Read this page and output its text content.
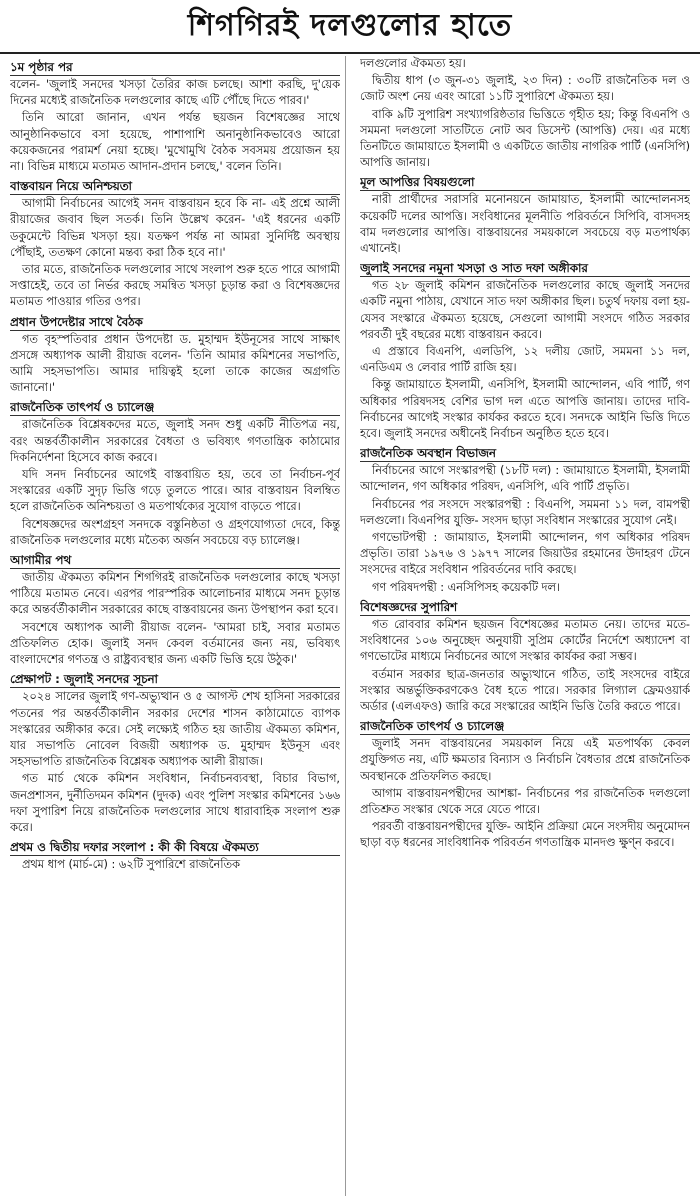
শিগগিরই দলগুলোর হাতে
১ম পৃষ্ঠার পর

বলেন- 'জুলাই সনদের খসড়া তৈরির কাজ চলছে। আশা করছি, দু'য়েক দিনের মধ্যেই রাজনৈতিক দলগুলোর কাছে এটি পৌঁছে দিতে পারব।'

তিনি আরো জানান, এখন পর্যন্ত ছয়জন বিশেষজ্ঞের সাথে আনুষ্ঠানিকভাবে বসা হয়েছে, পাশাপাশি অনানুষ্ঠানিকভাবেও আরো কয়েকজনের পরামর্শ নেয়া হচ্ছে। 'মুখোমুখি বৈঠক সবসময় প্রয়োজন হয় না। বিভিন্ন মাধ্যমে মতামত আদান-প্রদান চলছে,' বলেন তিনি।

বাস্তবায়ন নিয়ে অনিশ্চয়তা

আগামী নির্বাচনের আগেই সনদ বাস্তবায়ন হবে কি না- এই প্রশ্নে আলী রীয়াজের জবাব ছিল সতর্ক। তিনি উল্লেখ করেন- 'এই ধরনের একটি ডকুমেন্টে বিভিন্ন খসড়া হয়। যতক্ষণ পর্যন্ত না আমরা সুনির্দিষ্ট অবস্থায় পৌঁছাই, ততক্ষণ কোনো মন্তব্য করা ঠিক হবে না।'

তার মতে, রাজনৈতিক দলগুলোর সাথে সংলাপ শুরু হতে পারে আগামী সপ্তাহেই, তবে তা নির্ভর করছে সমন্বিত খসড়া চূড়ান্ত করা ও বিশেষজ্ঞদের মতামত পাওয়ার গতির ওপর।

প্রধান উপদেষ্টার সাথে বৈঠক

গত বৃহস্পতিবার প্রধান উপদেষ্টা ড. মুহাম্মদ ইউনূসের সাথে সাক্ষাৎ প্রসঙ্গে অধ্যাপক আলী রীয়াজ বলেন- 'তিনি আমার কমিশনের সভাপতি, আমি সহসভাপতি। আমার দায়িত্বই হলো তাকে কাজের অগ্রগতি জানানো।'

রাজনৈতিক তাৎপর্য ও চ্যালেঞ্জ

রাজনৈতিক বিশ্লেষকদের মতে, জুলাই সনদ শুধু একটি নীতিপত্র নয়, বরং অন্তর্বর্তীকালীন সরকারের বৈধতা ও ভবিষ্যৎ গণতান্ত্রিক কাঠামোর দিকনির্দেশনা হিসেবে কাজ করবে।

যদি সনদ নির্বাচনের আগেই বাস্তবায়িত হয়, তবে তা নির্বাচন-পূর্ব সংস্কারের একটি সুদৃঢ় ভিত্তি গড়ে তুলতে পারে। আর বাস্তবায়ন বিলম্বিত হলে রাজনৈতিক অনিশ্চয়তা ও মতপার্থক্যের সুযোগ বাড়তে পারে।

বিশেষজ্ঞদের অংশগ্রহণ সনদকে বস্তুনিষ্ঠতা ও গ্রহণযোগ্যতা দেবে, কিন্তু রাজনৈতিক দলগুলোর মধ্যে মতৈক্য অর্জন সবচেয়ে বড় চ্যালেঞ্জ।

আগামীর পথ

জাতীয় ঐকমত্য কমিশন শিগগিরই রাজনৈতিক দলগুলোর কাছে খসড়া পাঠিয়ে মতামত নেবে। এরপর পারস্পরিক আলোচনার মাধ্যমে সনদ চূড়ান্ত করে অন্তর্বর্তীকালীন সরকারের কাছে বাস্তবায়নের জন্য উপস্থাপন করা হবে।

সবশেষে অধ্যাপক আলী রীয়াজ বলেন- 'আমরা চাই, সবার মতামত প্রতিফলিত হোক। জুলাই সনদ কেবল বর্তমানের জন্য নয়, ভবিষ্যৎ বাংলাদেশের গণতন্ত্র ও রাষ্ট্রব্যবস্থার জন্য একটি ভিত্তি হয়ে উঠুক।'

প্রেক্ষাপট : জুলাই সনদের সূচনা

২০২৪ সালের জুলাই গণ-অভ্যুত্থান ও ৫ আগস্ট শেখ হাসিনা সরকারের পতনের পর অন্তর্বর্তীকালীন সরকার দেশের শাসন কাঠামোতে ব্যাপক সংস্কারের অঙ্গীকার করে। সেই লক্ষ্যেই গঠিত হয় জাতীয় ঐকমত্য কমিশন, যার সভাপতি নোবেল বিজয়ী অধ্যাপক ড. মুহাম্মদ ইউনূস এবং সহসভাপতি রাজনৈতিক বিশ্লেষক অধ্যাপক আলী রীয়াজ।

গত মার্চ থেকে কমিশন সংবিধান, নির্বাচনব্যবস্থা, বিচার বিভাগ, জনপ্রশাসন, দুর্নীতিদমন কমিশন (দুদক) এবং পুলিশ সংস্কার কমিশনের ১৬৬ দফা সুপারিশ নিয়ে রাজনৈতিক দলগুলোর সাথে ধারাবাহিক সংলাপ শুরু করে।

প্রথম ও দ্বিতীয় দফার সংলাপ : কী কী বিষয়ে ঐকমত্য

প্রথম ধাপ (মার্চ-মে) : ৬২টি সুপারিশে রাজনৈতিক

দলগুলোর ঐকমত্য হয়।

দ্বিতীয় ধাপ (৩ জুন-৩১ জুলাই, ২৩ দিন) : ৩০টি রাজনৈতিক দল ও জোট অংশ নেয় এবং আরো ১১টি সুপারিশে ঐকমত্য হয়।

বাকি ৯টি সুপারিশ সংখ্যাগরিষ্ঠতার ভিত্তিতে গৃহীত হয়; কিন্তু বিএনপি ও সমমনা দলগুলো সাতটিতে নোট অব ডিসেন্ট (আপত্তি) দেয়। এর মধ্যে তিনটিতে জামায়াতে ইসলামী ও একটিতে জাতীয় নাগরিক পার্টি (এনসিপি) আপত্তি জানায়।

মূল আপত্তির বিষয়গুলো

নারী প্রার্থীদের সরাসরি মনোনয়নে জামায়াত, ইসলামী আন্দোলনসহ কয়েকটি দলের আপত্তি। সংবিধানের মূলনীতি পরিবর্তনে সিপিবি, বাসদসহ বাম দলগুলোর আপত্তি। বাস্তবায়নের সময়কালে সবচেয়ে বড় মতপার্থক্য এখানেই।

জুলাই সনদের নমুনা খসড়া ও সাত দফা অঙ্গীকার

গত ২৮ জুলাই কমিশন রাজনৈতিক দলগুলোর কাছে জুলাই সনদের একটি নমুনা পাঠায়, যেখানে সাত দফা অঙ্গীকার ছিল। চতুর্থ দফায় বলা হয়- যেসব সংস্কারে ঐকমত্য হয়েছে, সেগুলো আগামী সংসদে গঠিত সরকার পরবর্তী দুই বছরের মধ্যে বাস্তবায়ন করবে।

এ প্রস্তাবে বিএনপি, এলডিপি, ১২ দলীয় জোট, সমমনা ১১ দল, এনডিএম ও লেবার পার্টি রাজি হয়।

কিন্তু জামায়াতে ইসলামী, এনসিপি, ইসলামী আন্দোলন, এবি পার্টি, গণ অধিকার পরিষদসহ বেশির ভাগ দল এতে আপত্তি জানায়। তাদের দাবি- নির্বাচনের আগেই সংস্কার কার্যকর করতে হবে। সনদকে আইনি ভিত্তি দিতে হবে। জুলাই সনদের অধীনেই নির্বাচন অনুষ্ঠিত হতে হবে।

রাজনৈতিক অবস্থান বিভাজন

নির্বাচনের আগে সংস্কারপন্থী (১৮টি দল) : জামায়াতে ইসলামী, ইসলামী আন্দোলন, গণ অধিকার পরিষদ, এনসিপি, এবি পার্টি প্রভৃতি।

নির্বাচনের পর সংসদে সংস্কারপন্থী : বিএনপি, সমমনা ১১ দল, বামপন্থী দলগুলো। বিএনপির যুক্তি- সংসদ ছাড়া সংবিধান সংস্কারের সুযোগ নেই।

গণভোটপন্থী : জামায়াত, ইসলামী আন্দোলন, গণ অধিকার পরিষদ প্রভৃতি। তারা ১৯৭৬ ও ১৯৭৭ সালের জিয়াউর রহমানের উদাহরণ টেনে সংসদের বাইরে সংবিধান পরিবর্তনের দাবি করছে।

গণ পরিষদপন্থী : এনসিপিসহ কয়েকটি দল।

বিশেষজ্ঞদের সুপারিশ

গত রোববার কমিশন ছয়জন বিশেষজ্ঞের মতামত নেয়। তাদের মতে- সংবিধানের ১০৬ অনুচ্ছেদ অনুযায়ী সুপ্রিম কোর্টের নির্দেশে অধ্যাদেশ বা গণভোটের মাধ্যমে নির্বাচনের আগে সংস্কার কার্যকর করা সম্ভব।

বর্তমান সরকার ছাত্র-জনতার অভ্যুত্থানে গঠিত, তাই সংসদের বাইরে সংস্কার অন্তর্ভুক্তিকরণকেও বৈধ হতে পারে। সরকার লিগ্যাল ফ্রেমওয়ার্ক অর্ডার (এলএফও) জারি করে সংস্কারের আইনি ভিত্তি তৈরি করতে পারে।

রাজনৈতিক তাৎপর্য ও চ্যালেঞ্জ

জুলাই সনদ বাস্তবায়নের সময়কাল নিয়ে এই মতপার্থক্য কেবল প্রযুক্তিগত নয়, এটি ক্ষমতার বিন্যাস ও নির্বাচনি বৈধতার প্রশ্নে রাজনৈতিক অবস্থানকে প্রতিফলিত করছে।

আগাম বাস্তবায়নপন্থীদের আশঙ্কা- নির্বাচনের পর রাজনৈতিক দলগুলো প্রতিশ্রুত সংস্কার থেকে সরে যেতে পারে।

পরবর্তী বাস্তবায়নপন্থীদের যুক্তি- আইনি প্রক্রিয়া মেনে সংসদীয় অনুমোদন ছাড়া বড় ধরনের সাংবিধানিক পরিবর্তন গণতান্ত্রিক মানদণ্ড ক্ষুণ্ন করবে।
